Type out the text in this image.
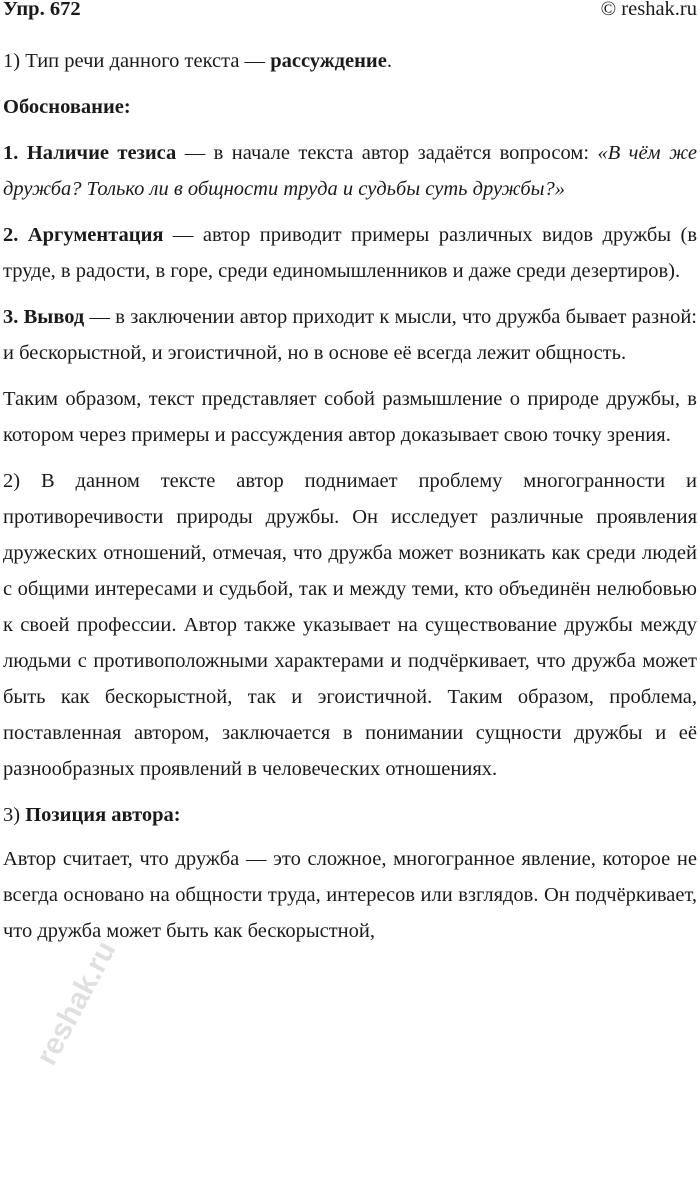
Упр. 672	© reshak.ru

1) Тип речи данного текста — рассуждение.

Обоснование:

1. Наличие тезиса — в начале текста автор задаётся вопросом: «В чём же дружба? Только ли в общности труда и судьбы суть дружбы?»

2. Аргументация — автор приводит примеры различных видов дружбы (в труде, в радости, в горе, среди единомышленников и даже среди дезертиров).

3. Вывод — в заключении автор приходит к мысли, что дружба бывает разной: и бескорыстной, и эгоистичной, но в основе её всегда лежит общность.

Таким образом, текст представляет собой размышление о природе дружбы, в котором через примеры и рассуждения автор доказывает свою точку зрения.

2) В данном тексте автор поднимает проблему многогранности и противоречивости природы дружбы. Он исследует различные проявления дружеских отношений, отмечая, что дружба может возникать как среди людей с общими интересами и судьбой, так и между теми, кто объединён нелюбовью к своей профессии. Автор также указывает на существование дружбы между людьми с противоположными характерами и подчёркивает, что дружба может быть как бескорыстной, так и эгоистичной. Таким образом, проблема, поставленная автором, заключается в понимании сущности дружбы и её разнообразных проявлений в человеческих отношениях.

3) Позиция автора:

Автор считает, что дружба — это сложное, многогранное явление, которое не всегда основано на общности труда, интересов или взглядов. Он подчёркивает, что дружба может быть как бескорыстной,

reshak.ru
